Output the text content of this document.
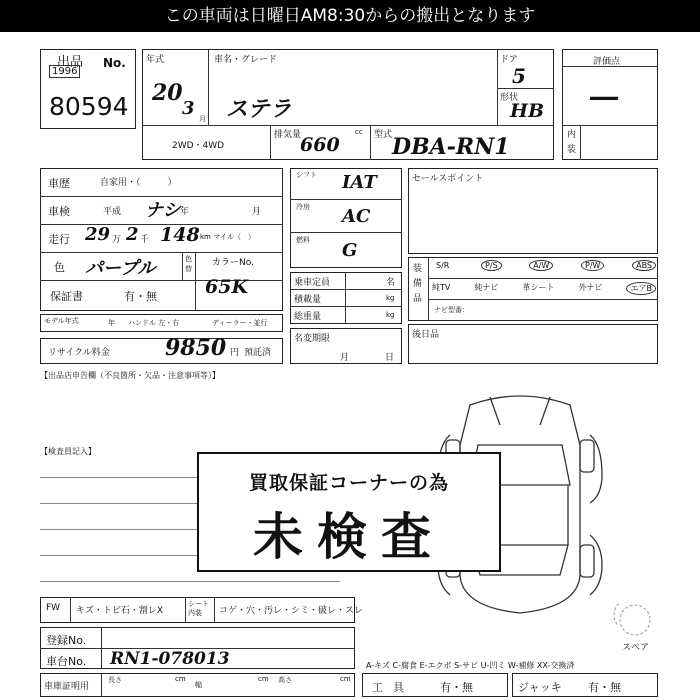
この車両は日曜日AM8:30からの搬出となります
出品 No.
1996
80594
年式
20
3 月
車名・グレード
ステラ
ドア
5
形状
HB
2WD・4WD
排気量
660
cc 型式 DBA-RN1
評価点
―
内装
車歴	自家用・（　　　）
車検	平成 ナシ 年	月
走行 29 万 2 千 148 km マイル（　）
色 パープル	色替
カラーNo.
65K
保証書	有・無
モデル年式	年 ハンドル 左・右	ディーラー・並行
リサイクル料金	9850 円 預託済
シフト IAT
冷房 AC
燃料 G
乗車定員	名
積載量	kg
総重量	kg
名変期限
月	日
セールスポイント
装備品
S/R	P/S	A/W	P/W	ABS
純TV	純ナビ	革シート	外ナビ	エアB
ナビ型番：
後日品
【出品店申告欄（不良箇所・欠品・注意事項等）】
【検査員記入】
スペア
買取保証コーナーの為
未検査
FW キズ・トビ石・割レX
シート内装	コゲ・穴・汚レ・シミ・破レ・スレ
登録No.
車台No. RN1-078013
車庫証明用
長さ	cm
幅
cm 高さ	cm
A-キズ C-腐食 E-エクボ S-サビ U-凹ミ W-補修 XX-交換済
工具 有・無	ジャッキ 有・無
